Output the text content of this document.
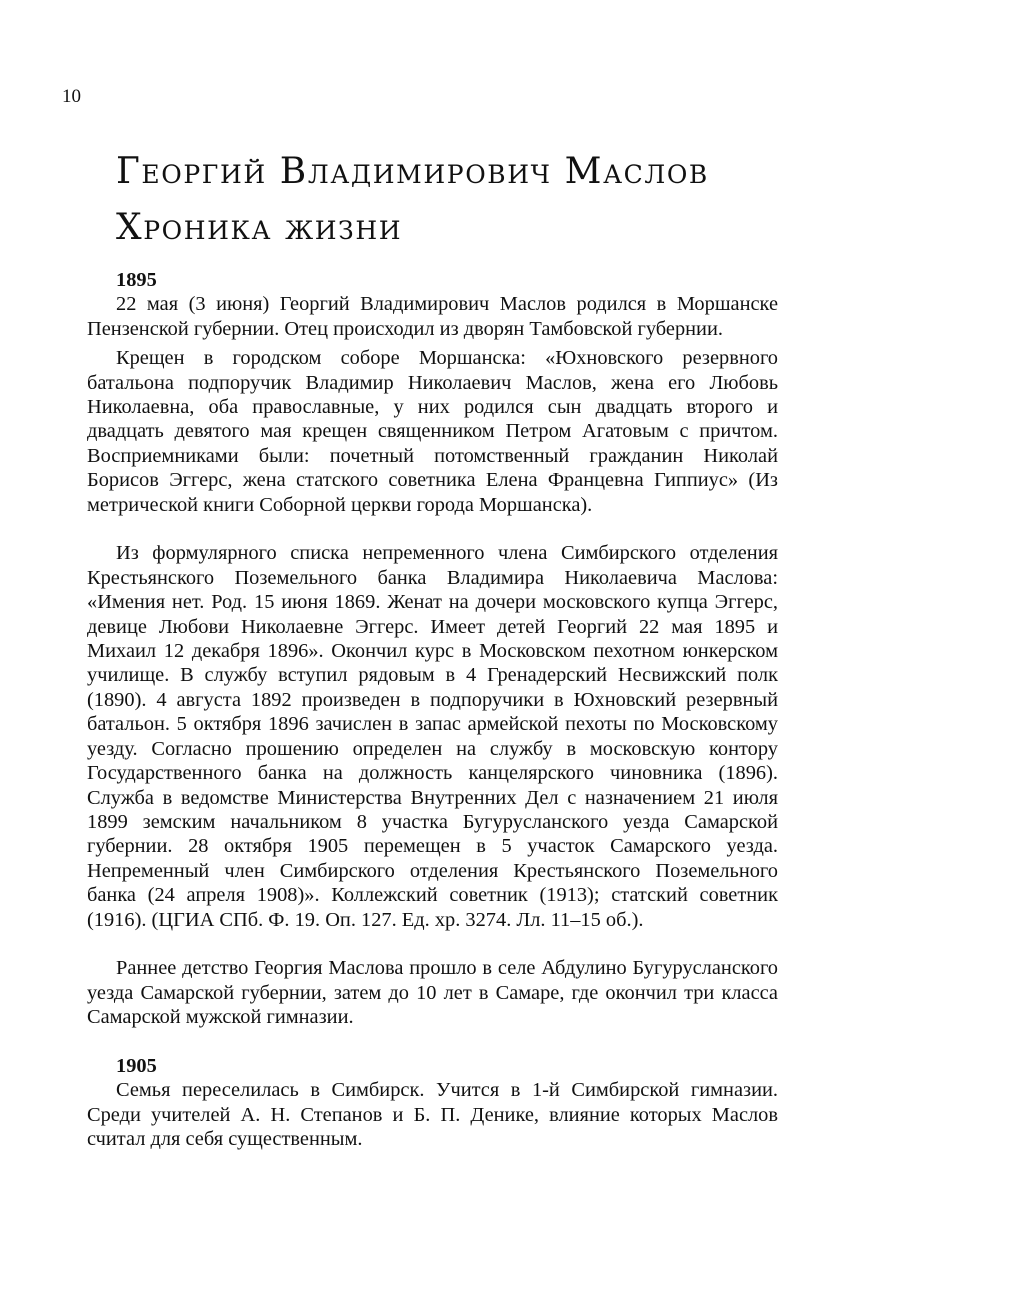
10
Георгий Владимирович Маслов
Хроника жизни
1895

22 мая (3 июня) Георгий Владимирович Маслов родился в Моршанске Пензенской губернии. Отец происходил из дворян Тамбовской губернии.

Крещен в городском соборе Моршанска: «Юхновского резервного батальона подпоручик Владимир Николаевич Маслов, жена его Любовь Николаевна, оба православные, у них родился сын двадцать второго и двадцать девятого мая крещен священником Петром Агатовым с причтом. Восприемниками были: почетный потомственный гражданин Николай Борисов Эггерс, жена статского советника Елена Францевна Гиппиус» (Из метрической книги Соборной церкви города Моршанска).

Из формулярного списка непременного члена Симбирского отделения Крестьянского Поземельного банка Владимира Николаевича Маслова: «Имения нет. Род. 15 июня 1869. Женат на дочери московского купца Эггерс, девице Любови Николаевне Эггерс. Имеет детей Георгий 22 мая 1895 и Михаил 12 декабря 1896». Окончил курс в Московском пехотном юнкерском училище. В службу вступил рядовым в 4 Гренадерский Несвижский полк (1890). 4 августа 1892 произведен в подпоручики в Юхновский резервный батальон. 5 октября 1896 зачислен в запас армейской пехоты по Московскому уезду. Согласно прошению определен на службу в московскую контору Государственного банка на должность канцелярского чиновника (1896). Служба в ведомстве Министерства Внутренних Дел с назначением 21 июля 1899 земским начальником 8 участка Бугурусланского уезда Самарской губернии. 28 октября 1905 перемещен в 5 участок Самарского уезда. Непременный член Симбирского отделения Крестьянского Поземельного банка (24 апреля 1908)». Коллежский советник (1913); статский советник (1916). (ЦГИА СПб. Ф. 19. Оп. 127. Ед. хр. 3274. Лл. 11–15 об.).

Раннее детство Георгия Маслова прошло в селе Абдулино Бугурусланского уезда Самарской губернии, затем до 10 лет в Самаре, где окончил три класса Самарской мужской гимназии.

1905

Семья переселилась в Симбирск. Учится в 1-й Симбирской гимназии. Среди учителей А. Н. Степанов и Б. П. Денике, влияние которых Маслов считал для себя существенным.
